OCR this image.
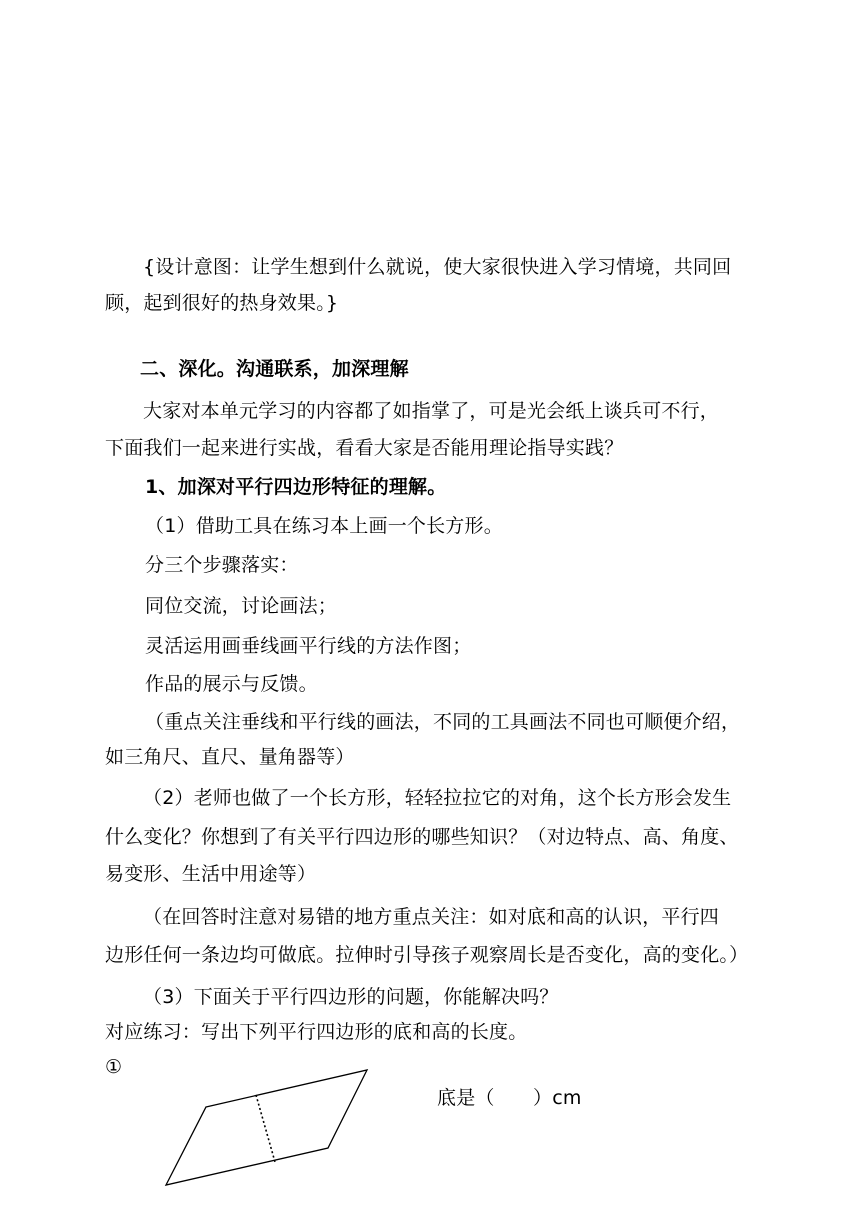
{设计意图：让学生想到什么就说，使大家很快进入学习情境，共同回
顾，起到很好的热身效果。}
二、深化。沟通联系，加深理解
大家对本单元学习的内容都了如指掌了，可是光会纸上谈兵可不行，
下面我们一起来进行实战，看看大家是否能用理论指导实践？
1、加深对平行四边形特征的理解。
（1）借助工具在练习本上画一个长方形。
分三个步骤落实：
同位交流，讨论画法；
灵活运用画垂线画平行线的方法作图；
作品的展示与反馈。
（重点关注垂线和平行线的画法，不同的工具画法不同也可顺便介绍，
如三角尺、直尺、量角器等）
（2）老师也做了一个长方形，轻轻拉拉它的对角，这个长方形会发生
什么变化？你想到了有关平行四边形的哪些知识？（对边特点、高、角度、
易变形、生活中用途等）
（在回答时注意对易错的地方重点关注：如对底和高的认识，平行四
边形任何一条边均可做底。拉伸时引导孩子观察周长是否变化，高的变化。）
（3）下面关于平行四边形的问题，你能解决吗？
对应练习：写出下列平行四边形的底和高的长度。
①
底是（　　）cm
